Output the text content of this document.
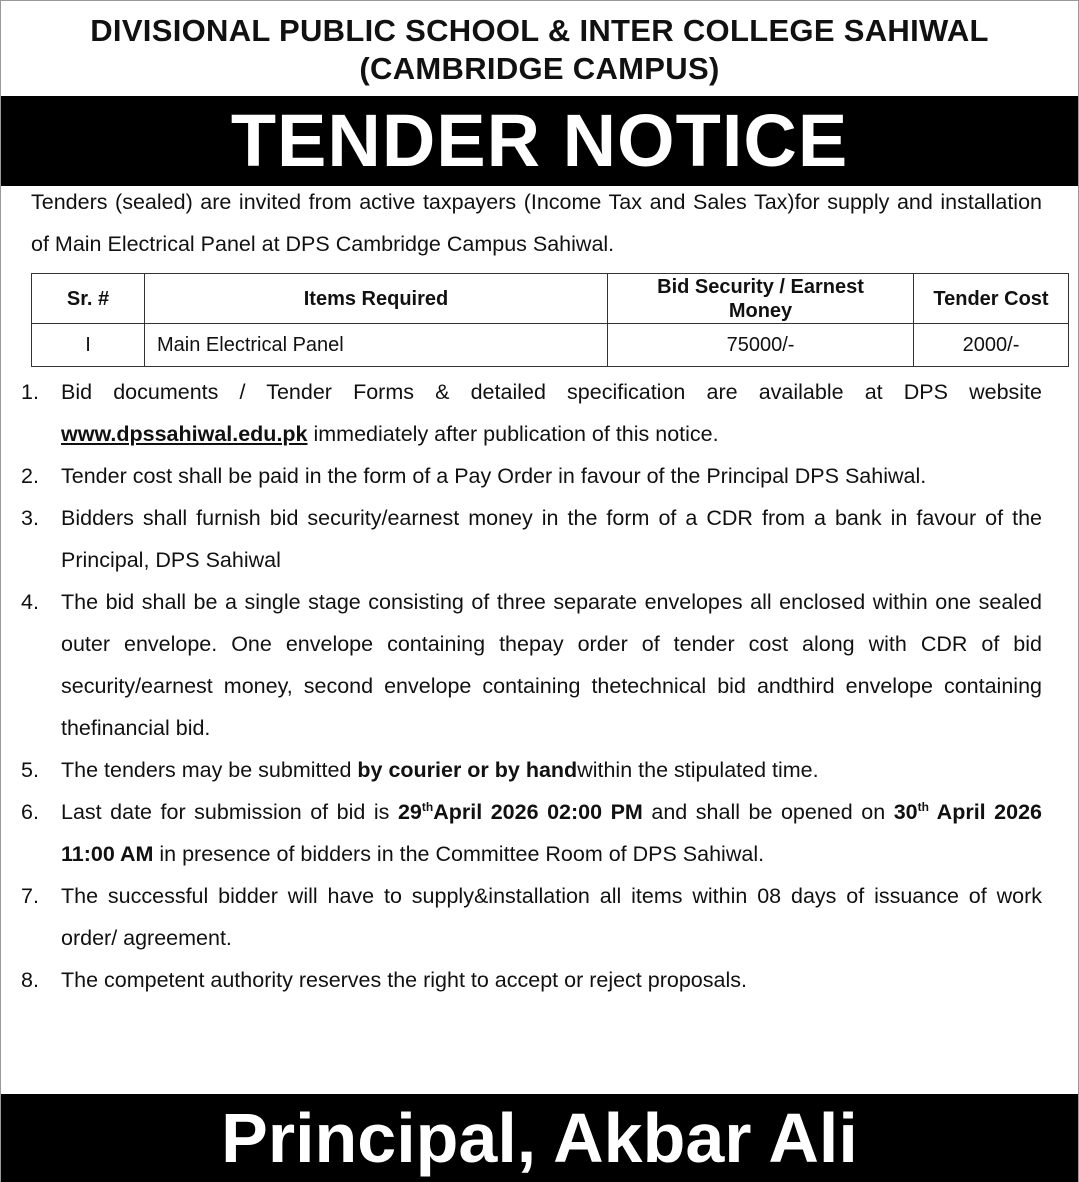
DIVISIONAL PUBLIC SCHOOL & INTER COLLEGE SAHIWAL
(CAMBRIDGE CAMPUS)
TENDER NOTICE
Tenders (sealed) are invited from active taxpayers (Income Tax and Sales Tax)for supply and installation of Main Electrical Panel at DPS Cambridge Campus Sahiwal.
Sr. #	Items Required	Bid Security / Earnest Money	Tender Cost
I	Main Electrical Panel	75000/-	2000/-
1. Bid documents / Tender Forms & detailed specification are available at DPS website www.dpssahiwal.edu.pk immediately after publication of this notice.
2. Tender cost shall be paid in the form of a Pay Order in favour of the Principal DPS Sahiwal.
3. Bidders shall furnish bid security/earnest money in the form of a CDR from a bank in favour of the Principal, DPS Sahiwal
4. The bid shall be a single stage consisting of three separate envelopes all enclosed within one sealed outer envelope. One envelope containing thepay order of tender cost along with CDR of bid security/earnest money, second envelope containing thetechnical bid andthird envelope containing thefinancial bid.
5. The tenders may be submitted by courier or by handwithin the stipulated time.
6. Last date for submission of bid is 29thApril 2026 02:00 PM and shall be opened on 30th April 2026 11:00 AM in presence of bidders in the Committee Room of DPS Sahiwal.
7. The successful bidder will have to supply&installation all items within 08 days of issuance of work order/ agreement.
8. The competent authority reserves the right to accept or reject proposals.
Principal, Akbar Ali
